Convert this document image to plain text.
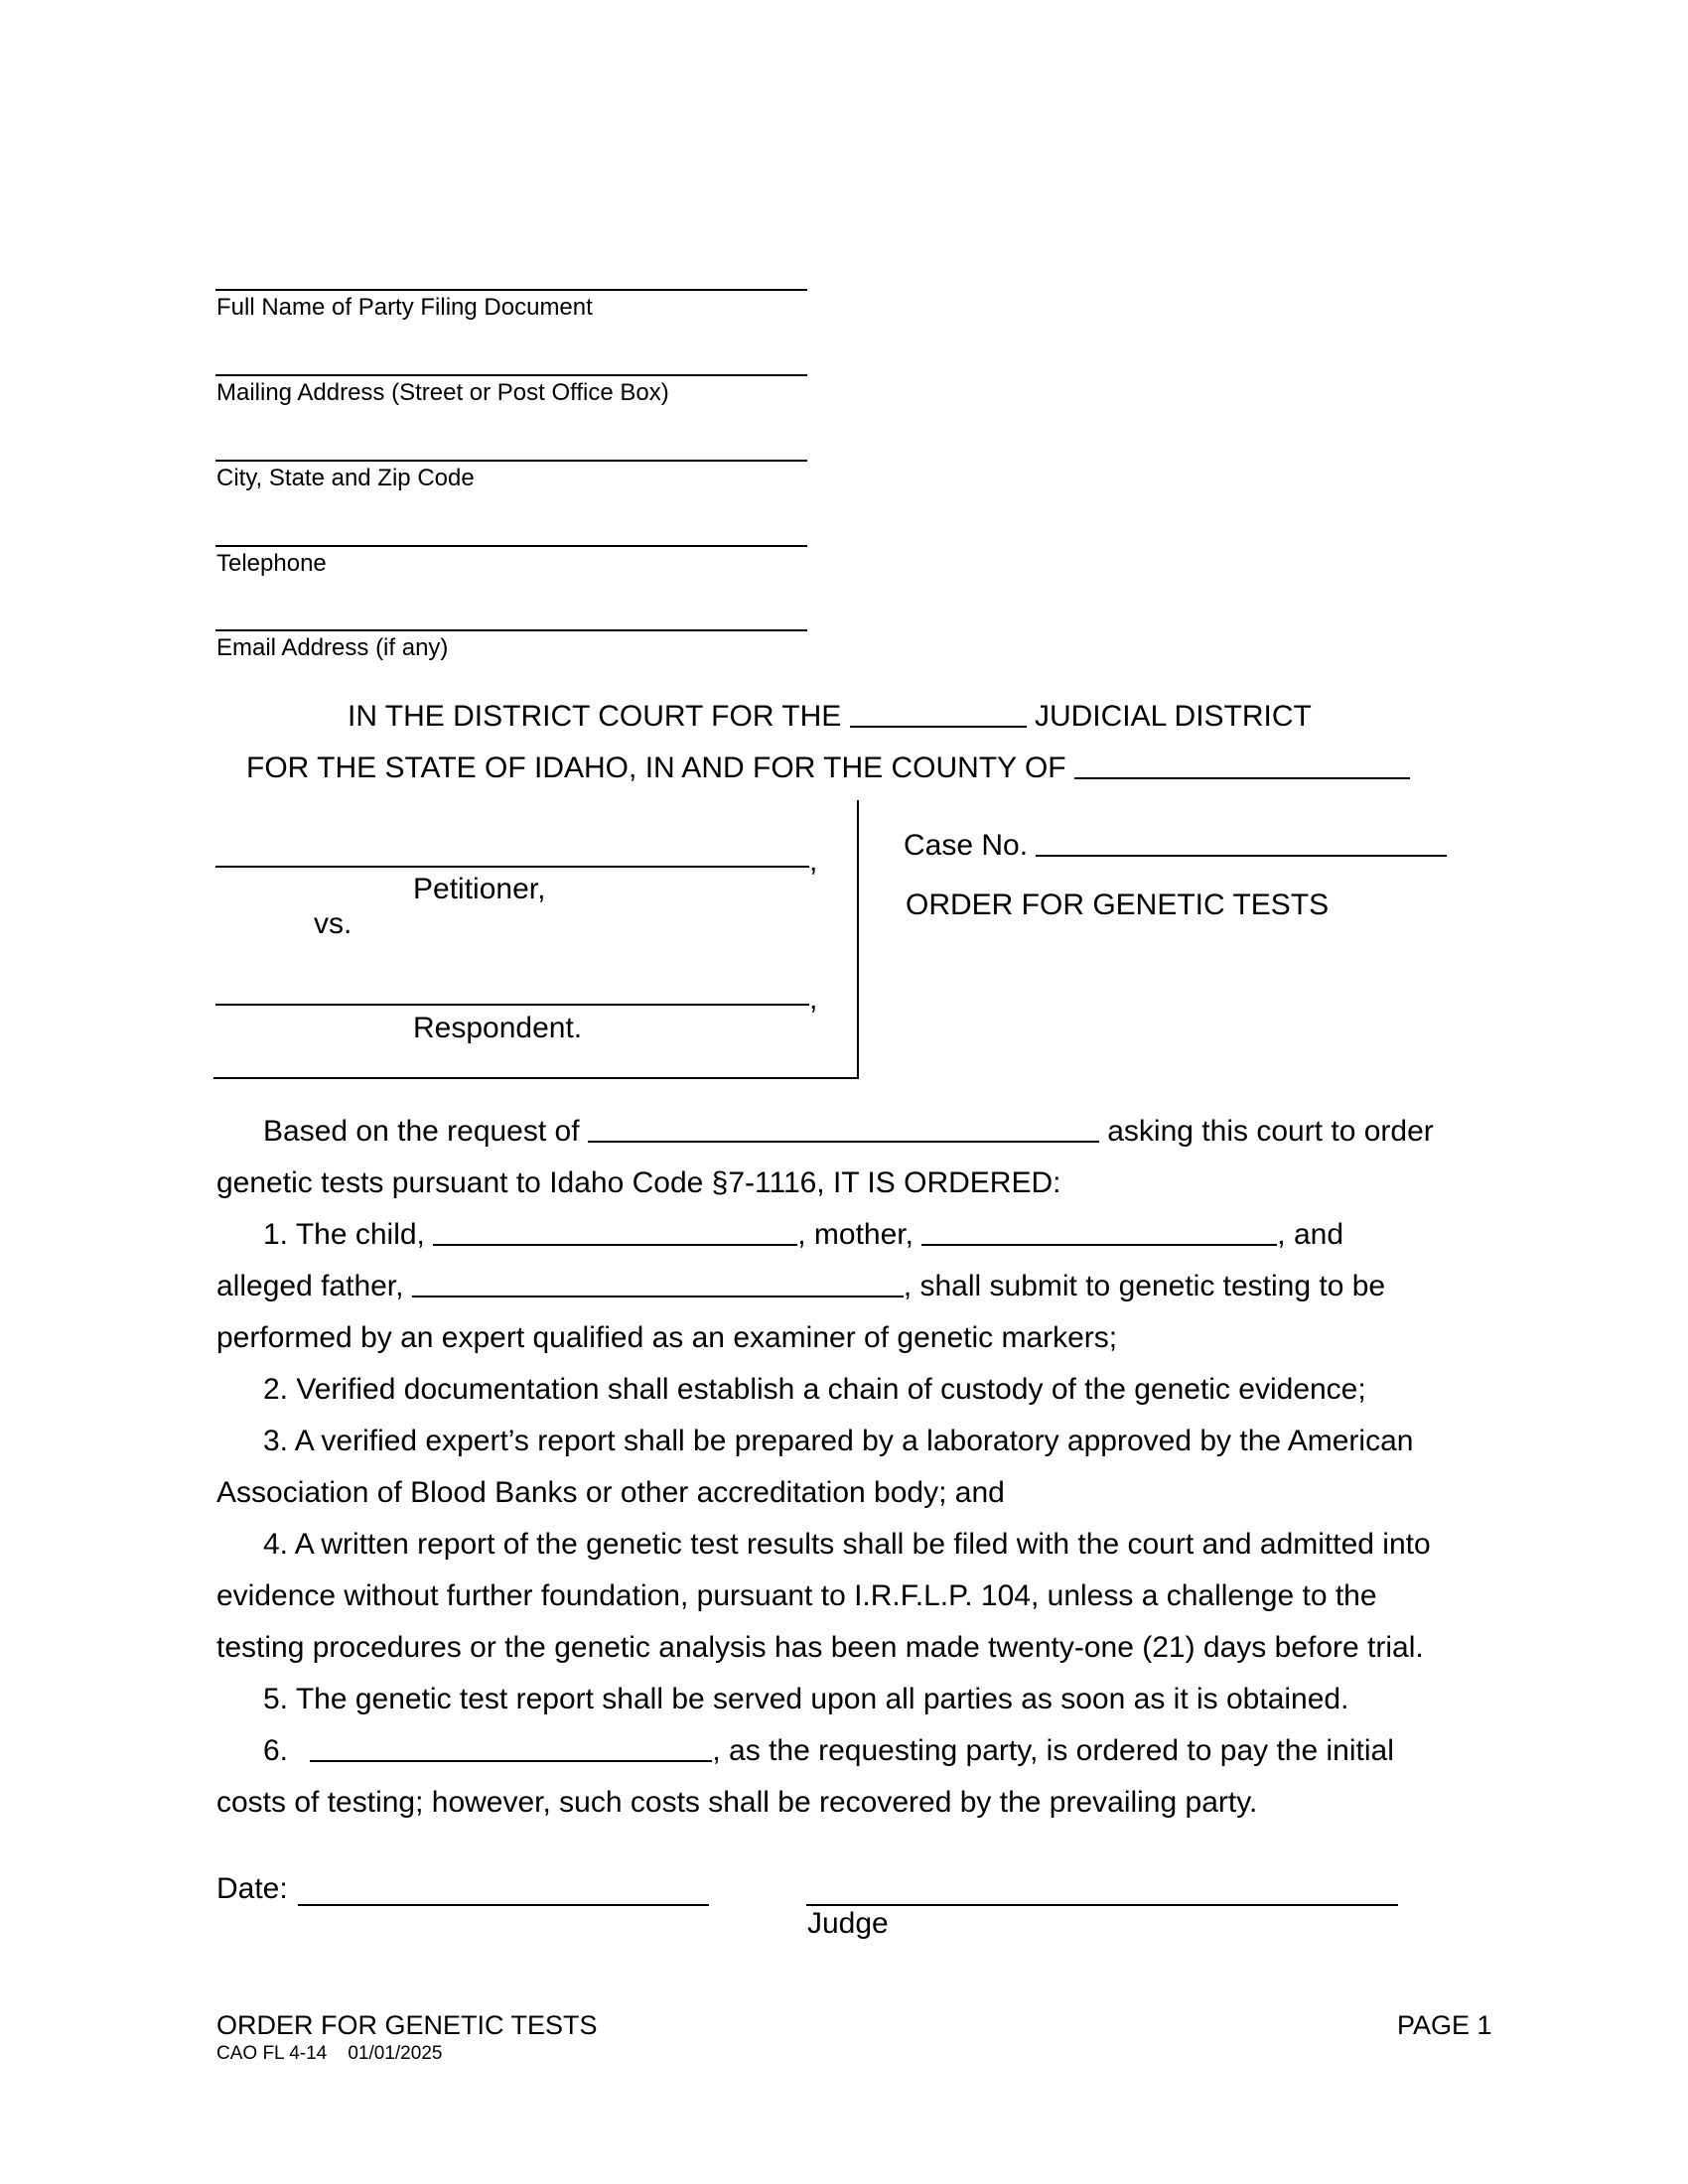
Full Name of Party Filing Document
Mailing Address (Street or Post Office Box)
City, State and Zip Code
Telephone
Email Address (if any)
IN THE DISTRICT COURT FOR THE	JUDICIAL DISTRICT
FOR THE STATE OF IDAHO, IN AND FOR THE COUNTY OF
,
Petitioner,
vs.
,
Respondent.
Case No.
ORDER FOR GENETIC TESTS
Based on the request of	asking this court to order
genetic tests pursuant to Idaho Code §7-1116, IT IS ORDERED:
1. The child,	, mother,	, and
alleged father,	, shall submit to genetic testing to be
performed by an expert qualified as an examiner of genetic markers;
2. Verified documentation shall establish a chain of custody of the genetic evidence;
3. A verified expert’s report shall be prepared by a laboratory approved by the American
Association of Blood Banks or other accreditation body; and
4. A written report of the genetic test results shall be filed with the court and admitted into
evidence without further foundation, pursuant to I.R.F.L.P. 104, unless a challenge to the
testing procedures or the genetic analysis has been made twenty-one (21) days before trial.
5. The genetic test report shall be served upon all parties as soon as it is obtained.
6.	, as the requesting party, is ordered to pay the initial
costs of testing; however, such costs shall be recovered by the prevailing party.
Date:
Judge
ORDER FOR GENETIC TESTS
CAO FL 4-14 01/01/2025
PAGE 1
